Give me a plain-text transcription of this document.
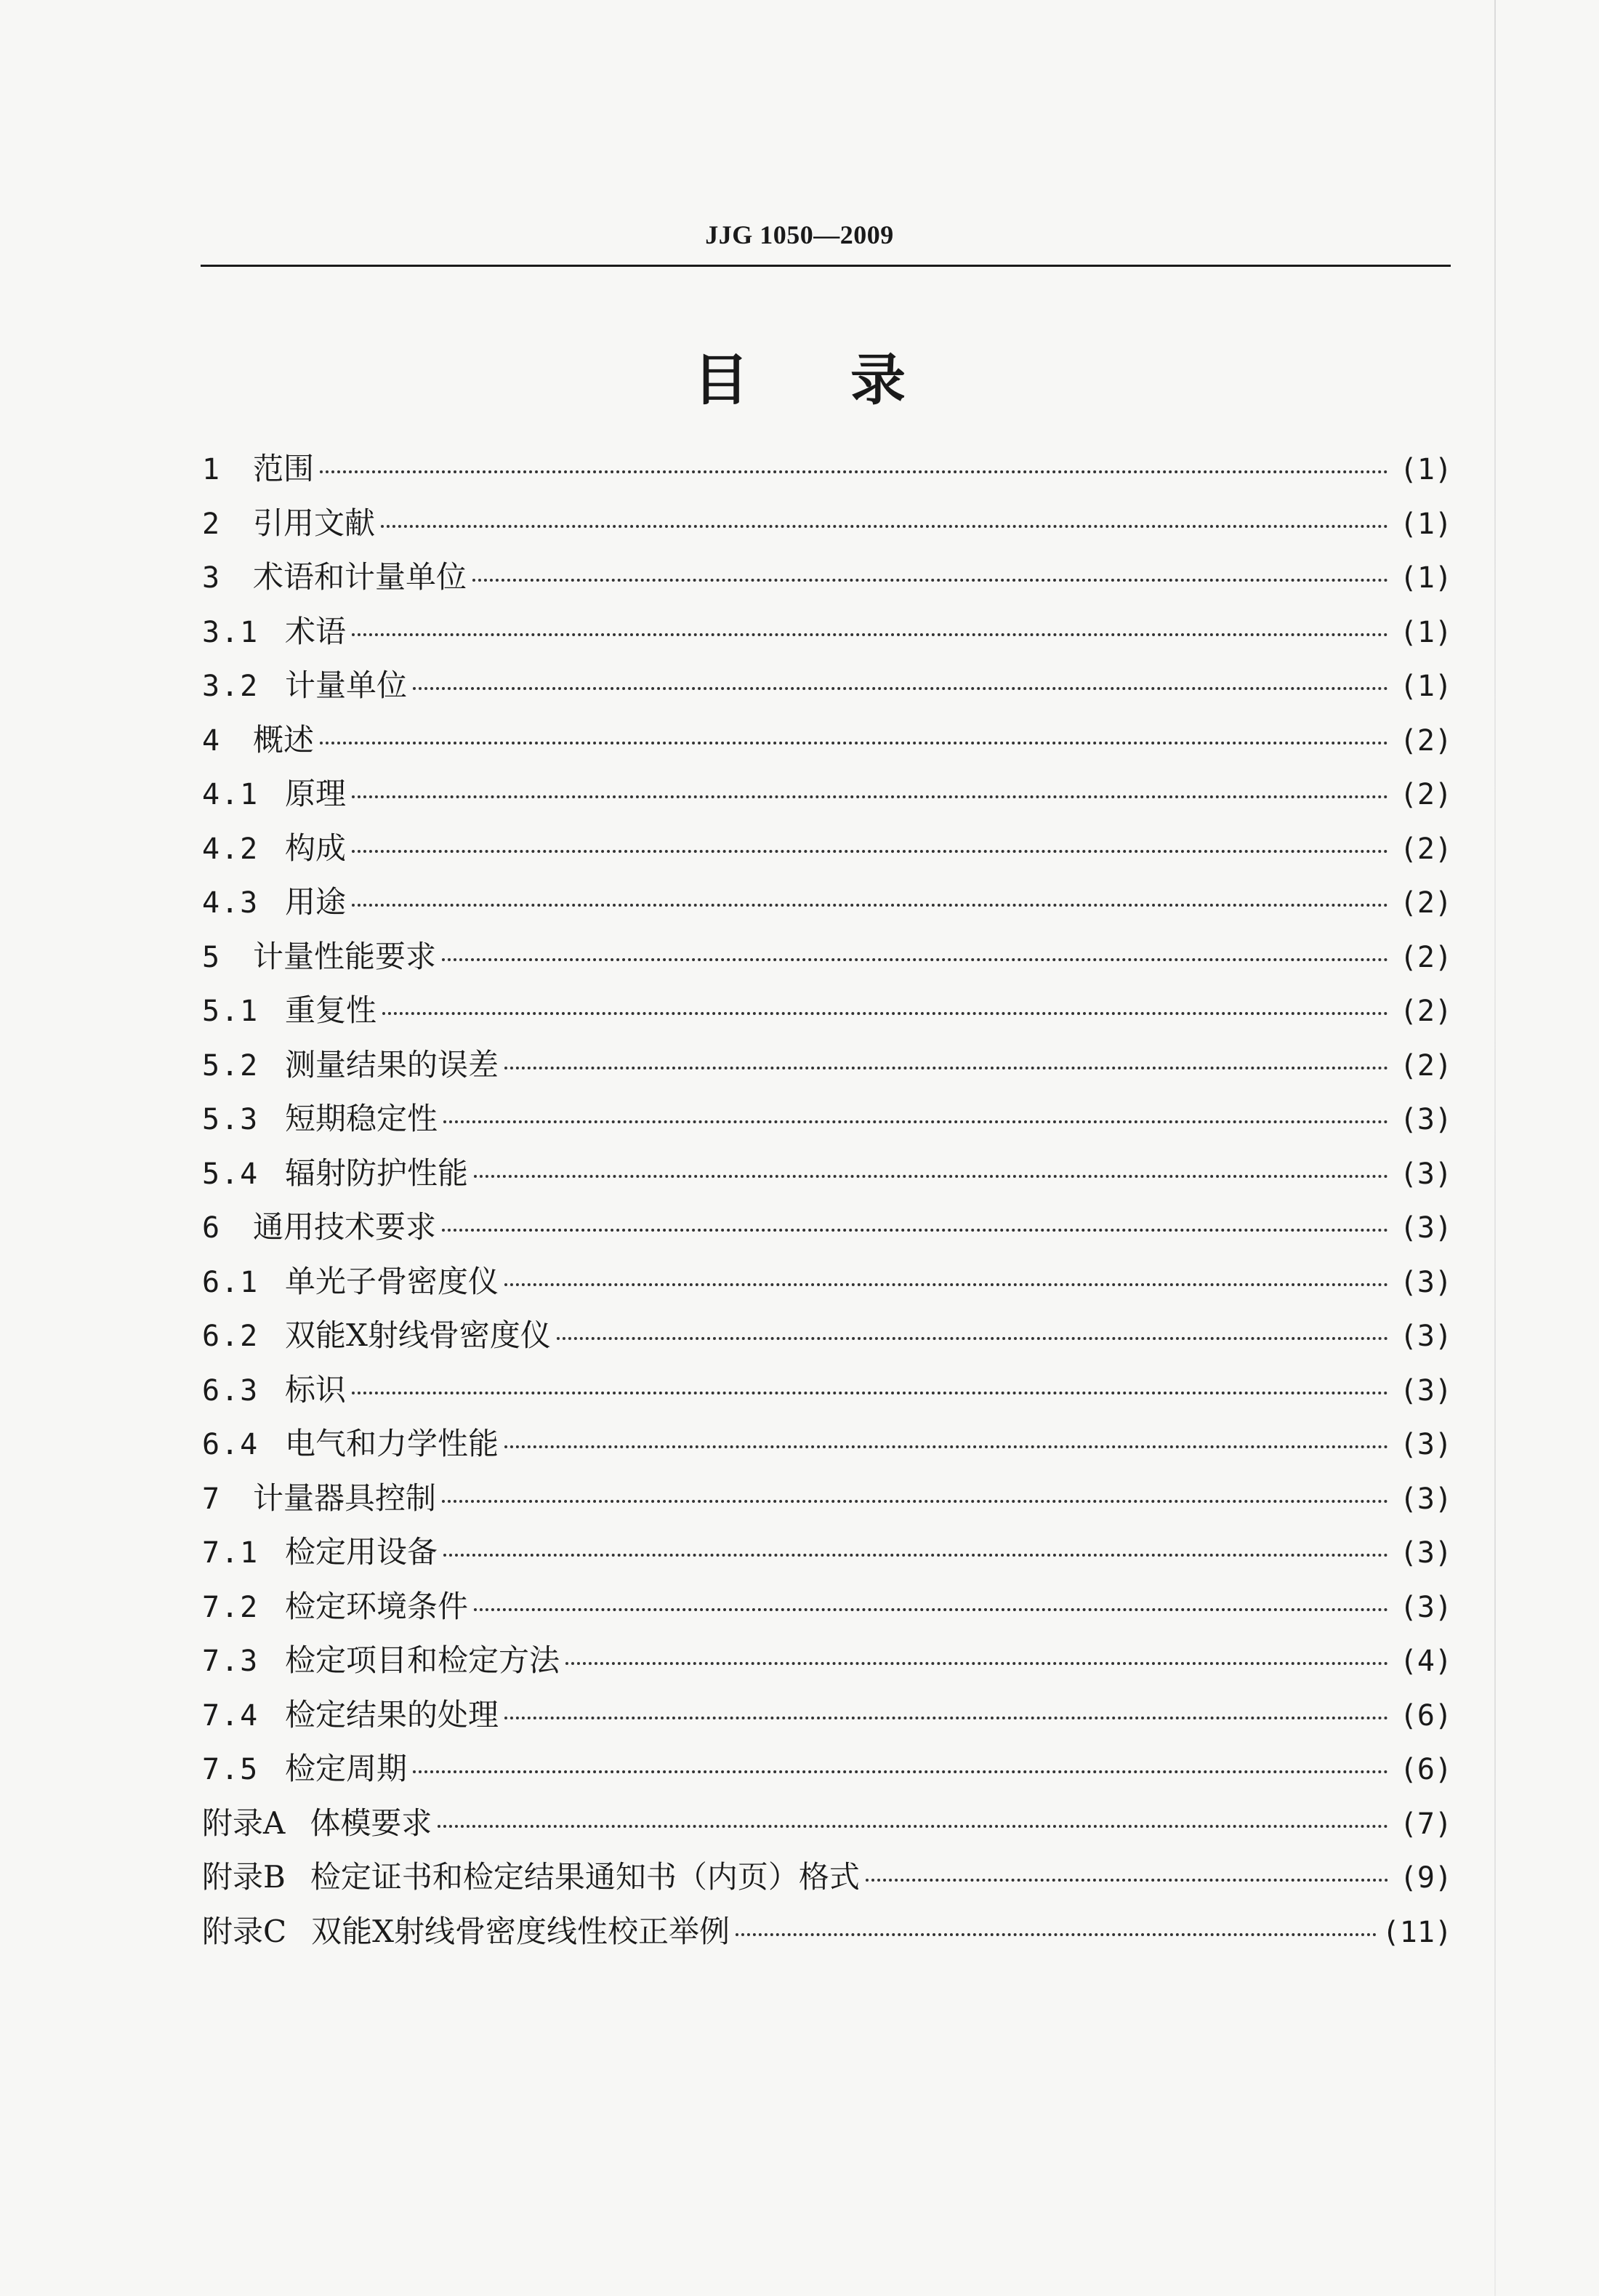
JJG 1050—2009
目录
1	范围	(1)
2	引用文献	(1)
3	术语和计量单位	(1)
3.1 术语	(1)
3.2 计量单位	(1)
4	概述	(2)
4.1 原理	(2)
4.2 构成	(2)
4.3 用途	(2)
5	计量性能要求	(2)
5.1 重复性	(2)
5.2 测量结果的误差	(2)
5.3 短期稳定性	(3)
5.4 辐射防护性能	(3)
6	通用技术要求	(3)
6.1 单光子骨密度仪	(3)
6.2 双能X射线骨密度仪	(3)
6.3 标识	(3)
6.4 电气和力学性能	(3)
7	计量器具控制	(3)
7.1 检定用设备	(3)
7.2 检定环境条件	(3)
7.3 检定项目和检定方法	(4)
7.4 检定结果的处理	(6)
7.5 检定周期	(6)
附录A 体模要求	(7)
附录B 检定证书和检定结果通知书（内页）格式	(9)
附录C 双能X射线骨密度线性校正举例	(11)
